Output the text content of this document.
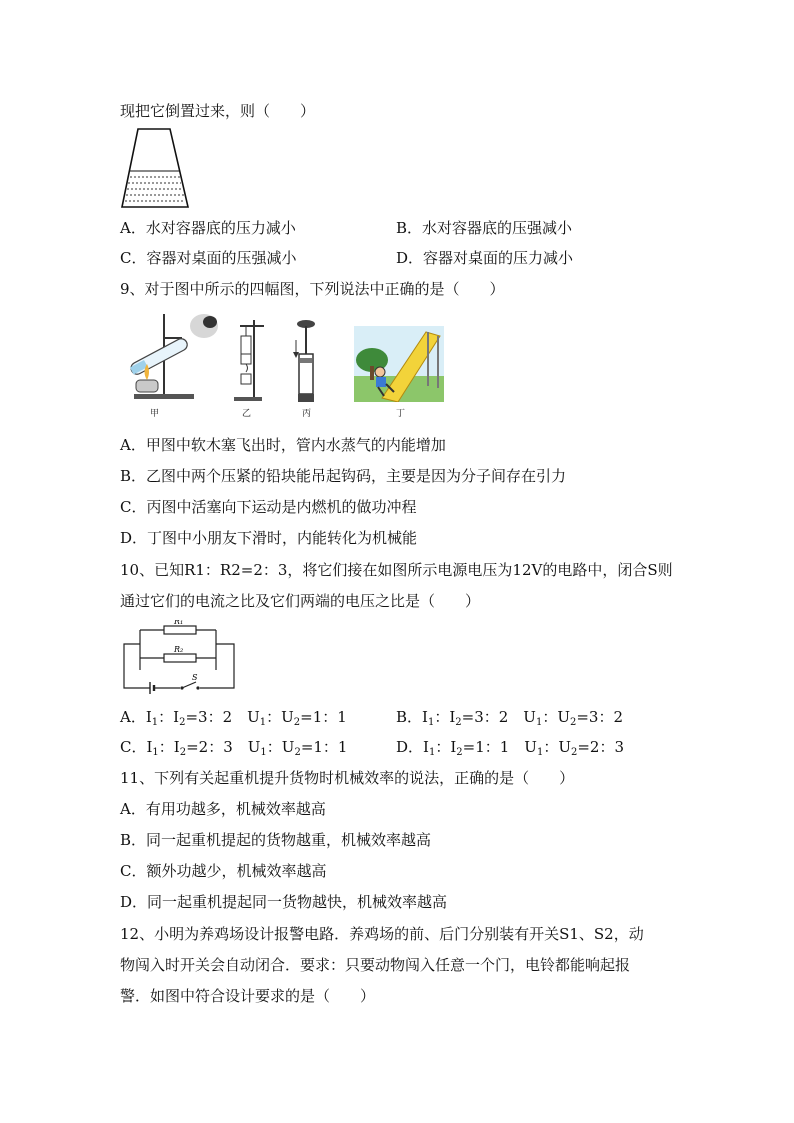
现把它倒置过来，则（　　）
A．水对容器底的压力减小	B．水对容器底的压强减小
C．容器对桌面的压强减小	D．容器对桌面的压力减小
9、对于图中所示的四幅图，下列说法中正确的是（　　）
甲	乙	丙	丁
A．甲图中软木塞飞出时，管内水蒸气的内能增加
B．乙图中两个压紧的铅块能吊起钩码，主要是因为分子间存在引力
C．丙图中活塞向下运动是内燃机的做功冲程
D．丁图中小朋友下滑时，内能转化为机械能
10、已知R1：R2=2：3，将它们接在如图所示电源电压为12V的电路中，闭合S则
通过它们的电流之比及它们两端的电压之比是（　　）
R₁
R₂
S
A．$I_1$：$I_2=3$：2　$U_1$：$U_2=1$：1	B．$I_1$：$I_2=3$：2　$U_1$：$U_2=3$：2
C．$I_1$：$I_2=2$：3　$U_1$：$U_2=1$：1	D．$I_1$：$I_2=1$：1　$U_1$：$U_2=2$：3
11、下列有关起重机提升货物时机械效率的说法，正确的是（　　）
A．有用功越多，机械效率越高
B．同一起重机提起的货物越重，机械效率越高
C．额外功越少，机械效率越高
D．同一起重机提起同一货物越快，机械效率越高
12、小明为养鸡场设计报警电路．养鸡场的前、后门分别装有开关S1、S2，动
物闯入时开关会自动闭合．要求：只要动物闯入任意一个门，电铃都能响起报
警．如图中符合设计要求的是（　　）
